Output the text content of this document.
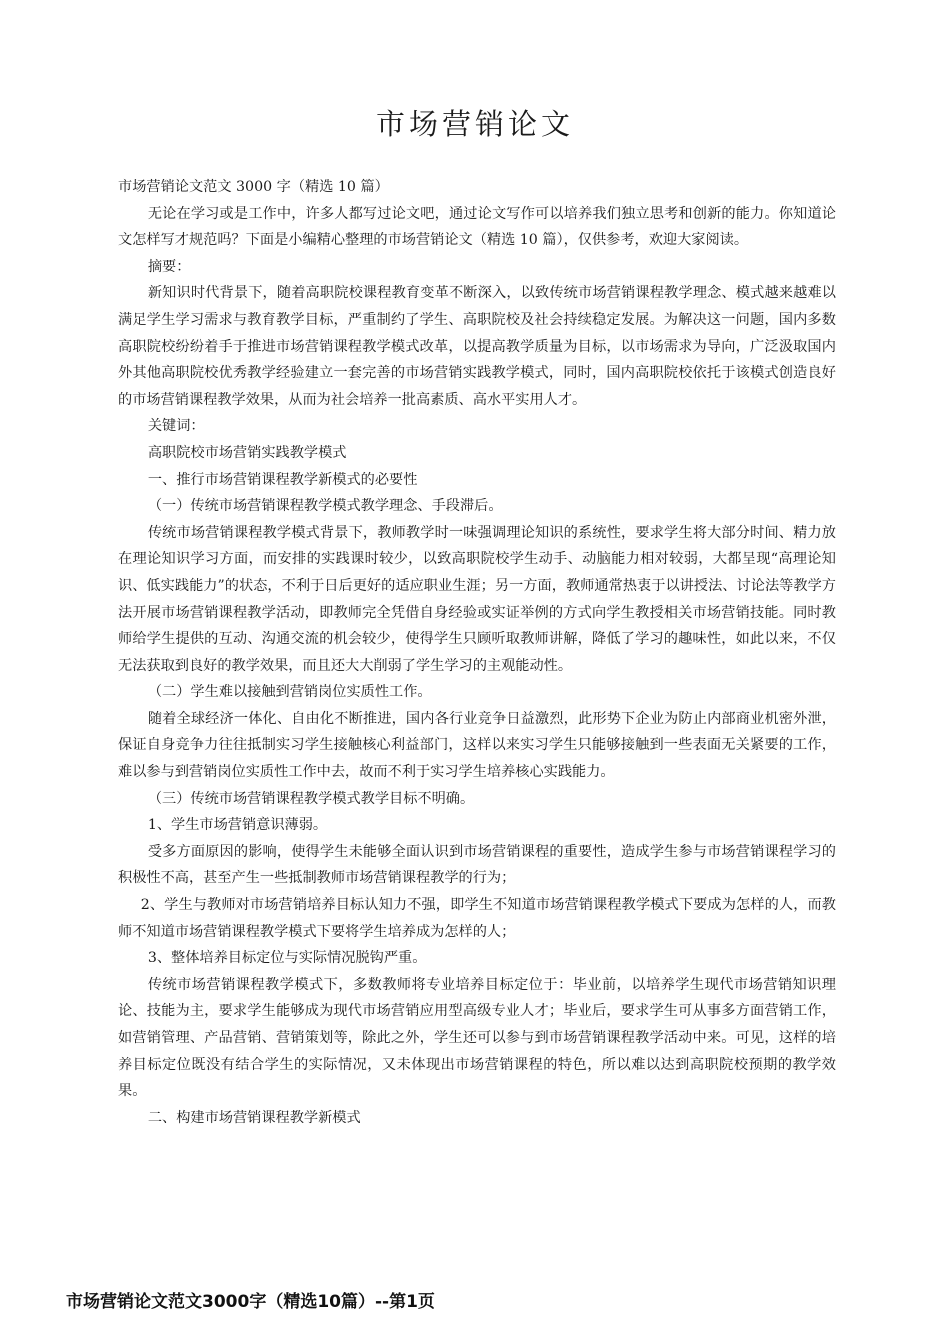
市场营销论文

市场营销论文范文 3000 字（精选 10 篇）

无论在学习或是工作中，许多人都写过论文吧，通过论文写作可以培养我们独立思考和创新的能力。你知道论文怎样写才规范吗？下面是小编精心整理的市场营销论文（精选 10 篇），仅供参考，欢迎大家阅读。

摘要：

新知识时代背景下，随着高职院校课程教育变革不断深入，以致传统市场营销课程教学理念、模式越来越难以满足学生学习需求与教育教学目标，严重制约了学生、高职院校及社会持续稳定发展。为解决这一问题，国内多数高职院校纷纷着手于推进市场营销课程教学模式改革，以提高教学质量为目标，以市场需求为导向，广泛汲取国内外其他高职院校优秀教学经验建立一套完善的市场营销实践教学模式，同时，国内高职院校依托于该模式创造良好的市场营销课程教学效果，从而为社会培养一批高素质、高水平实用人才。

关键词：

高职院校市场营销实践教学模式

一、推行市场营销课程教学新模式的必要性

（一）传统市场营销课程教学模式教学理念、手段滞后。

传统市场营销课程教学模式背景下，教师教学时一味强调理论知识的系统性，要求学生将大部分时间、精力放在理论知识学习方面，而安排的实践课时较少，以致高职院校学生动手、动脑能力相对较弱，大都呈现“高理论知识、低实践能力”的状态，不利于日后更好的适应职业生涯；另一方面，教师通常热衷于以讲授法、讨论法等教学方法开展市场营销课程教学活动，即教师完全凭借自身经验或实证举例的方式向学生教授相关市场营销技能。同时教师给学生提供的互动、沟通交流的机会较少，使得学生只顾听取教师讲解，降低了学习的趣味性，如此以来，不仅无法获取到良好的教学效果，而且还大大削弱了学生学习的主观能动性。

（二）学生难以接触到营销岗位实质性工作。

随着全球经济一体化、自由化不断推进，国内各行业竞争日益激烈，此形势下企业为防止内部商业机密外泄，保证自身竞争力往往抵制实习学生接触核心利益部门，这样以来实习学生只能够接触到一些表面无关紧要的工作，难以参与到营销岗位实质性工作中去，故而不利于实习学生培养核心实践能力。

（三）传统市场营销课程教学模式教学目标不明确。

1、学生市场营销意识薄弱。

受多方面原因的影响，使得学生未能够全面认识到市场营销课程的重要性，造成学生参与市场营销课程学习的积极性不高，甚至产生一些抵制教师市场营销课程教学的行为；

2、学生与教师对市场营销培养目标认知力不强，即学生不知道市场营销课程教学模式下要成为怎样的人，而教师不知道市场营销课程教学模式下要将学生培养成为怎样的人；

3、整体培养目标定位与实际情况脱钩严重。

传统市场营销课程教学模式下，多数教师将专业培养目标定位于：毕业前，以培养学生现代市场营销知识理论、技能为主，要求学生能够成为现代市场营销应用型高级专业人才；毕业后，要求学生可从事多方面营销工作，如营销管理、产品营销、营销策划等，除此之外，学生还可以参与到市场营销课程教学活动中来。可见，这样的培养目标定位既没有结合学生的实际情况，又未体现出市场营销课程的特色，所以难以达到高职院校预期的教学效果。

二、构建市场营销课程教学新模式

市场营销论文范文3000字（精选10篇）--第1页
